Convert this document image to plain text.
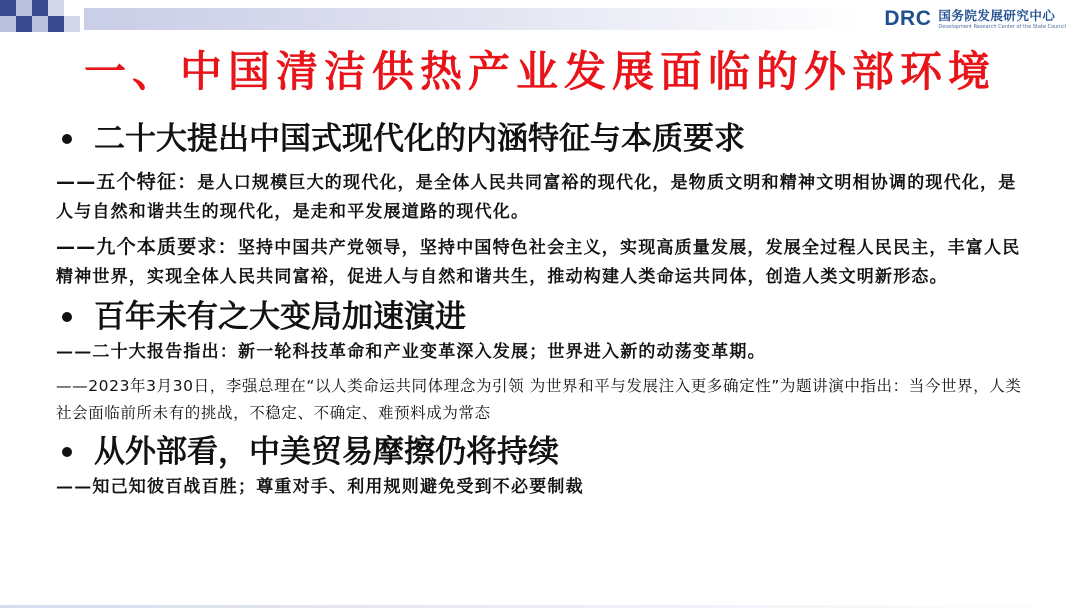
DRC 国务院发展研究中心
Development Research Center of the State Council
一、中国清洁供热产业发展面临的外部环境
二十大提出中国式现代化的内涵特征与本质要求
——五个特征：是人口规模巨大的现代化，是全体人民共同富裕的现代化，是物质文明和精神文明相协调的现代化，是人与自然和谐共生的现代化，是走和平发展道路的现代化。
——九个本质要求：坚持中国共产党领导，坚持中国特色社会主义，实现高质量发展，发展全过程人民民主，丰富人民精神世界，实现全体人民共同富裕，促进人与自然和谐共生，推动构建人类命运共同体，创造人类文明新形态。
百年未有之大变局加速演进
——二十大报告指出：新一轮科技革命和产业变革深入发展；世界进入新的动荡变革期。
——2023年3月30日，李强总理在“以人类命运共同体理念为引领 为世界和平与发展注入更多确定性”为题讲演中指出：当今世界，人类社会面临前所未有的挑战，不稳定、不确定、难预料成为常态
从外部看，中美贸易摩擦仍将持续
——知己知彼百战百胜；尊重对手、利用规则避免受到不必要制裁
